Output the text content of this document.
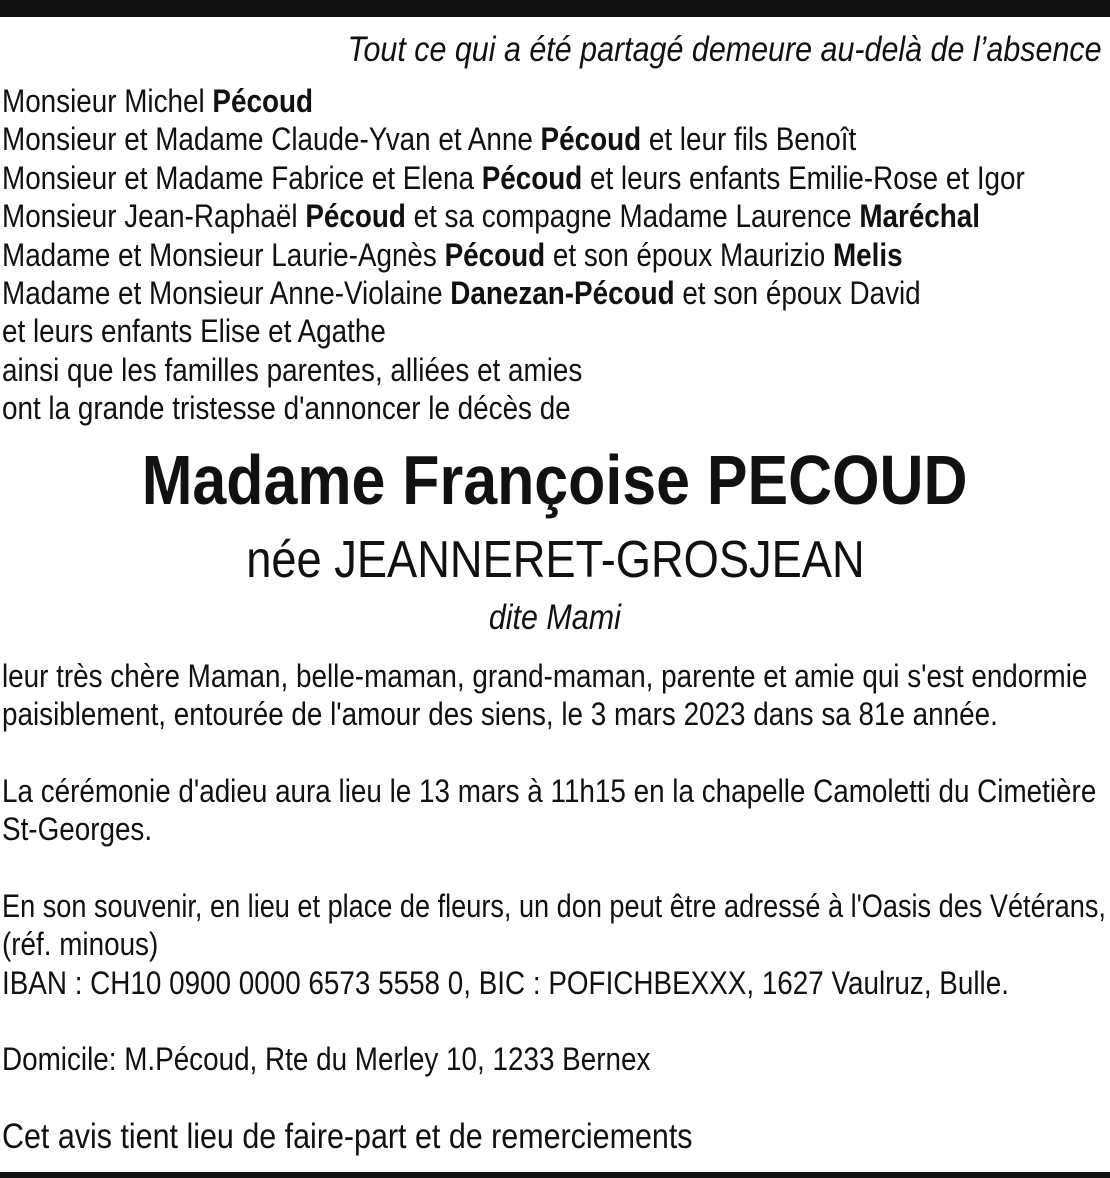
Tout ce qui a été partagé demeure au-delà de l’absence
Monsieur Michel Pécoud
Monsieur et Madame Claude-Yvan et Anne Pécoud et leur fils Benoît
Monsieur et Madame Fabrice et Elena Pécoud et leurs enfants Emilie-Rose et Igor
Monsieur Jean-Raphaël Pécoud et sa compagne Madame Laurence Maréchal
Madame et Monsieur Laurie-Agnès Pécoud et son époux Maurizio Melis
Madame et Monsieur Anne-Violaine Danezan-Pécoud et son époux David
et leurs enfants Elise et Agathe
ainsi que les familles parentes, alliées et amies
ont la grande tristesse d'annoncer le décès de
Madame Françoise PECOUD
née JEANNERET-GROSJEAN
dite Mami
leur très chère Maman, belle-maman, grand-maman, parente et amie qui s'est endormie
paisiblement, entourée de l'amour des siens, le 3 mars 2023 dans sa 81e année.
La cérémonie d'adieu aura lieu le 13 mars à 11h15 en la chapelle Camoletti du Cimetière
St-Georges.
En son souvenir, en lieu et place de fleurs, un don peut être adressé à l'Oasis des Vétérans,
(réf. minous)
IBAN : CH10 0900 0000 6573 5558 0, BIC : POFICHBEXXX, 1627 Vaulruz, Bulle.
Domicile: M.Pécoud, Rte du Merley 10, 1233 Bernex
Cet avis tient lieu de faire-part et de remerciements
